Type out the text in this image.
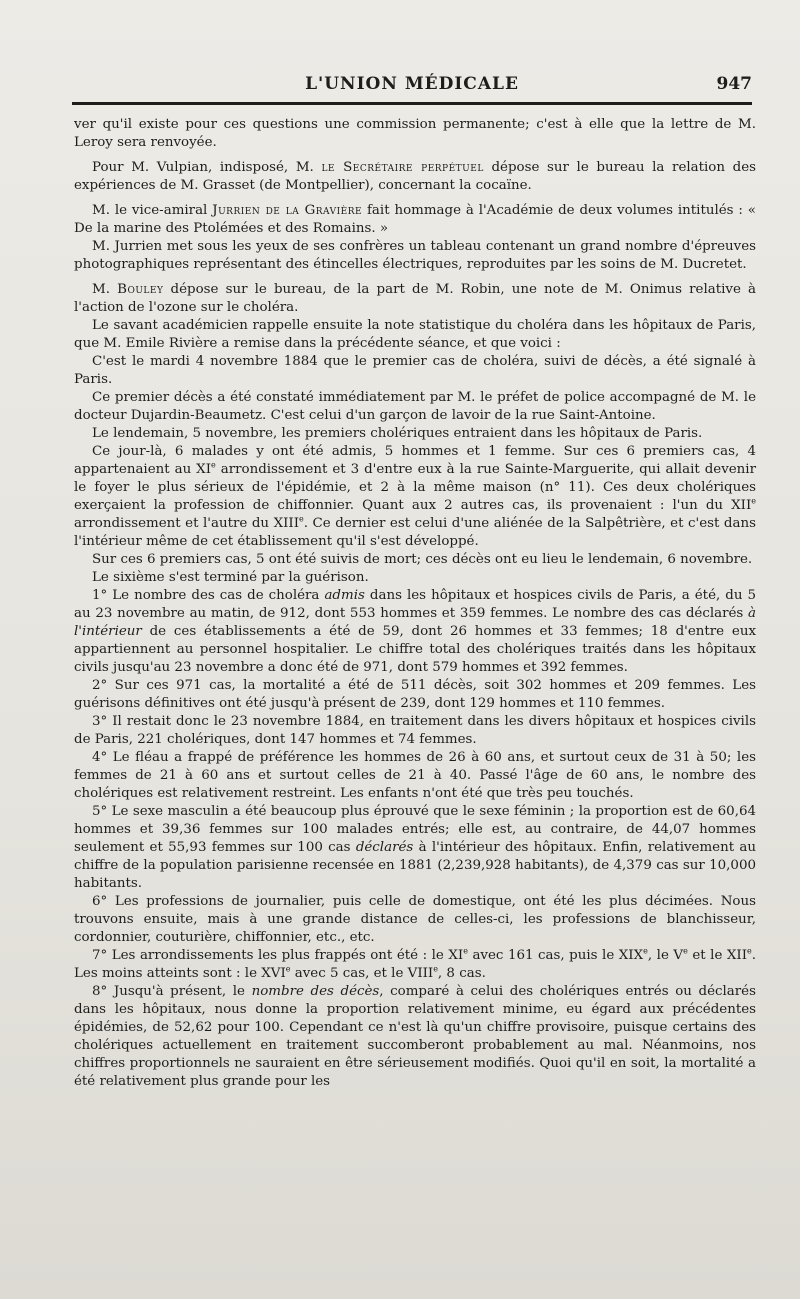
L'UNION MÉDICALE	947

ver qu'il existe pour ces questions une commission permanente; c'est à elle que la lettre de M. Leroy sera renvoyée.

Pour M. Vulpian, indisposé, M. le Secrétaire perpétuel dépose sur le bureau la relation des expériences de M. Grasset (de Montpellier), concernant la cocaïne.

M. le vice-amiral Jurrien de la Gravière fait hommage à l'Académie de deux volumes intitulés : « De la marine des Ptolémées et des Romains. »

M. Jurrien met sous les yeux de ses confrères un tableau contenant un grand nombre d'épreuves photographiques représentant des étincelles électriques, reproduites par les soins de M. Ducretet.

M. Bouley dépose sur le bureau, de la part de M. Robin, une note de M. Onimus relative à l'action de l'ozone sur le choléra.

Le savant académicien rappelle ensuite la note statistique du choléra dans les hôpitaux de Paris, que M. Emile Rivière a remise dans la précédente séance, et que voici :

C'est le mardi 4 novembre 1884 que le premier cas de choléra, suivi de décès, a été signalé à Paris.

Ce premier décès a été constaté immédiatement par M. le préfet de police accompagné de M. le docteur Dujardin-Beaumetz. C'est celui d'un garçon de lavoir de la rue Saint-Antoine.

Le lendemain, 5 novembre, les premiers cholériques entraient dans les hôpitaux de Paris.

Ce jour-là, 6 malades y ont été admis, 5 hommes et 1 femme. Sur ces 6 premiers cas, 4 appartenaient au XIe arrondissement et 3 d'entre eux à la rue Sainte-Marguerite, qui allait devenir le foyer le plus sérieux de l'épidémie, et 2 à la même maison (n° 11). Ces deux cholériques exerçaient la profession de chiffonnier. Quant aux 2 autres cas, ils provenaient : l'un du XIIe arrondissement et l'autre du XIIIe. Ce dernier est celui d'une aliénée de la Salpêtrière, et c'est dans l'intérieur même de cet établissement qu'il s'est développé.

Sur ces 6 premiers cas, 5 ont été suivis de mort; ces décès ont eu lieu le lendemain, 6 novembre.

Le sixième s'est terminé par la guérison.

1° Le nombre des cas de choléra admis dans les hôpitaux et hospices civils de Paris, a été, du 5 au 23 novembre au matin, de 912, dont 553 hommes et 359 femmes. Le nombre des cas déclarés à l'intérieur de ces établissements a été de 59, dont 26 hommes et 33 femmes; 18 d'entre eux appartiennent au personnel hospitalier. Le chiffre total des cholériques traités dans les hôpitaux civils jusqu'au 23 novembre a donc été de 971, dont 579 hommes et 392 femmes.

2° Sur ces 971 cas, la mortalité a été de 511 décès, soit 302 hommes et 209 femmes. Les guérisons définitives ont été jusqu'à présent de 239, dont 129 hommes et 110 femmes.

3° Il restait donc le 23 novembre 1884, en traitement dans les divers hôpitaux et hospices civils de Paris, 221 cholériques, dont 147 hommes et 74 femmes.

4° Le fléau a frappé de préférence les hommes de 26 à 60 ans, et surtout ceux de 31 à 50; les femmes de 21 à 60 ans et surtout celles de 21 à 40. Passé l'âge de 60 ans, le nombre des cholériques est relativement restreint. Les enfants n'ont été que très peu touchés.

5° Le sexe masculin a été beaucoup plus éprouvé que le sexe féminin ; la proportion est de 60,64 hommes et 39,36 femmes sur 100 malades entrés; elle est, au contraire, de 44,07 hommes seulement et 55,93 femmes sur 100 cas déclarés à l'intérieur des hôpitaux. Enfin, relativement au chiffre de la population parisienne recensée en 1881 (2,239,928 habitants), de 4,379 cas sur 10,000 habitants.

6° Les professions de journalier, puis celle de domestique, ont été les plus décimées. Nous trouvons ensuite, mais à une grande distance de celles-ci, les professions de blanchisseur, cordonnier, couturière, chiffonnier, etc., etc.

7° Les arrondissements les plus frappés ont été : le XIe avec 161 cas, puis le XIXe, le Ve et le XIIe. Les moins atteints sont : le XVIe avec 5 cas, et le VIIIe, 8 cas.

8° Jusqu'à présent, le nombre des décès, comparé à celui des cholériques entrés ou déclarés dans les hôpitaux, nous donne la proportion relativement minime, eu égard aux précédentes épidémies, de 52,62 pour 100. Cependant ce n'est là qu'un chiffre provisoire, puisque certains des cholériques actuellement en traitement succomberont probablement au mal. Néanmoins, nos chiffres proportionnels ne sauraient en être sérieusement modifiés. Quoi qu'il en soit, la mortalité a été relativement plus grande pour les
